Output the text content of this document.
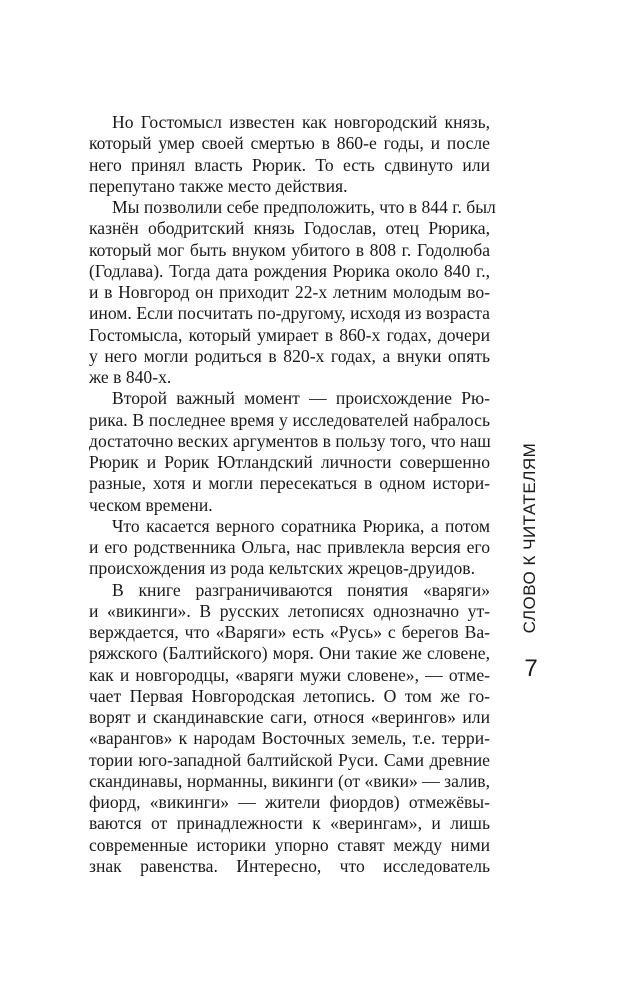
Но Гостомысл известен как новгородский князь,
который умер своей смертью в 860-е годы, и после
него принял власть Рюрик. То есть сдвинуто или
перепутано также место действия.
Мы позволили себе предположить, что в 844 г. был
казнён ободритский князь Годослав, отец Рюрика,
который мог быть внуком убитого в 808 г. Годолюба
(Годлава). Тогда дата рождения Рюрика около 840 г.,
и в Новгород он приходит 22-х летним молодым во-
ином. Если посчитать по-другому, исходя из возраста
Гостомысла, который умирает в 860-х годах, дочери
у него могли родиться в 820-х годах, а внуки опять
же в 840-х.
Второй важный момент — происхождение Рю-
рика. В последнее время у исследователей набралось
достаточно веских аргументов в пользу того, что наш
Рюрик и Рорик Ютландский личности совершенно
разные, хотя и могли пересекаться в одном истори-
ческом времени.
Что касается верного соратника Рюрика, а потом
и его родственника Ольга, нас привлекла версия его
происхождения из рода кельтских жрецов-друидов.
В книге разграничиваются понятия «варяги»
и «викинги». В русских летописях однозначно ут-
верждается, что «Варяги» есть «Русь» с берегов Ва-
ряжского (Балтийского) моря. Они такие же словене,
как и новгородцы, «варяги мужи словене», — отме-
чает Первая Новгородская летопись. О том же го-
ворят и скандинавские саги, относя «верингов» или
«варангов» к народам Восточных земель, т.е. терри-
тории юго-западной балтийской Руси. Сами древние
скандинавы, норманны, викинги (от «вики» — залив,
фиорд, «викинги» — жители фиордов) отмежёвы-
ваются от принадлежности к «верингам», и лишь
современные историки упорно ставят между ними
знак равенства. Интересно, что исследователь
СЛОВО К ЧИТАТЕЛЯМ
7
